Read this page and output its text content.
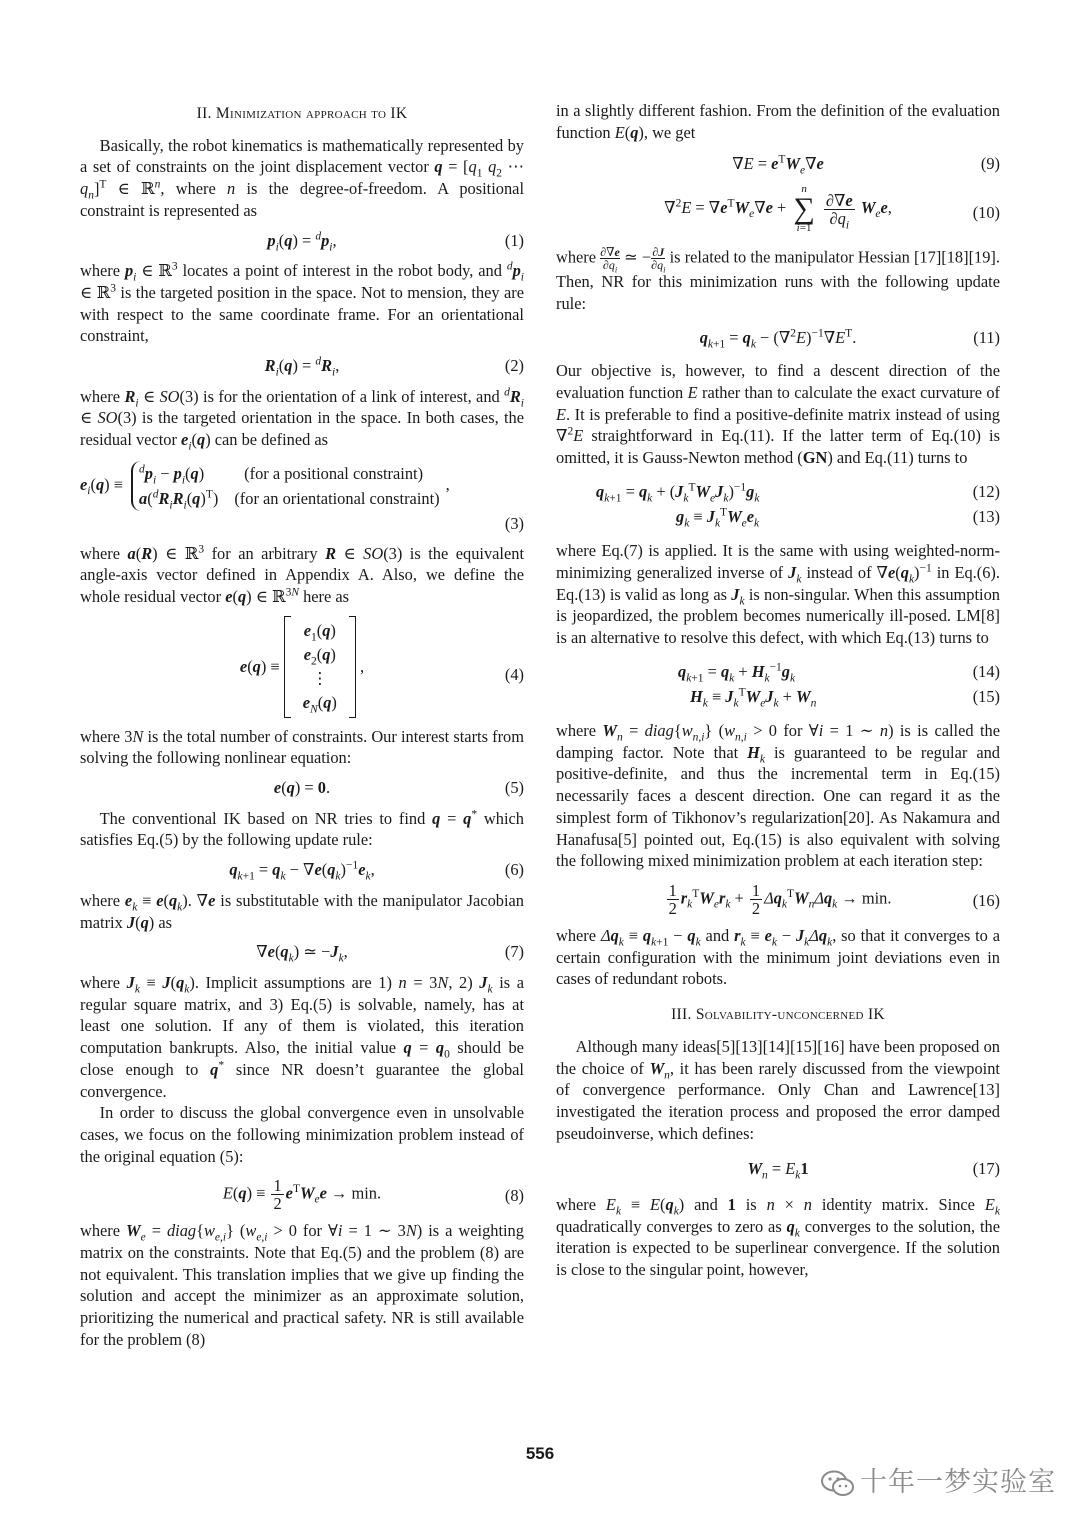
II. Minimization approach to IK

Basically, the robot kinematics is mathematically represented by a set of constraints on the joint displacement vector $q = [q_1$ $q_2$ ⋯ $q_n]^T$ ∈ ℝ$^n$, where n is the degree-of-freedom. A positional constraint is represented as

$p_i(q) = ^dp_i$,	(1)

where $p_i$ ∈ ℝ$^3$ locates a point of interest in the robot body, and $^dp_i$ ∈ ℝ$^3$ is the targeted position in the space. Not to mension, they are with respect to the same coordinate frame. For an orientational constraint,

$R_i(q) = ^dR_i$,	(2)

where $R_i$ ∈ SO(3) is for the orientation of a link of interest, and $^dR_i$ ∈ SO(3) is the targeted orientation in the space. In both cases, the residual vector $e_i(q)$ can be defined as

$e_i(q)$ ≡
$^dp_i - p_i(q)$ (for a positional constraint)
$a(^dR_iR_i(q)^T)$ (for an orientational constraint)
,
(3)

where a(R) ∈ ℝ$^3$ for an arbitrary R ∈ SO(3) is the equivalent angle-axis vector defined in Appendix A. Also, we define the whole residual vector e(q) ∈ ℝ$^{3N}$ here as

e(q) ≡
$e_1(q)$
$e_2(q)$
⋮
$e_N(q)$
,	(4)

where 3N is the total number of constraints. Our interest starts from solving the following nonlinear equation:

e(q) = 0.	(5)

The conventional IK based on NR tries to find q = q* which satisfies Eq.(5) by the following update rule:

$q_{k+1} = q_k - \nabla e(q_k)^{-1}e_k$,	(6)

where $e_k \equiv e(q_k)$. ∇e is substitutable with the manipulator Jacobian matrix J(q) as

$\nabla e(q_k)$ ≃ $-J_k$,	(7)

where $J_k \equiv J(q_k)$. Implicit assumptions are 1) n = 3N, 2) $J_k$ is a regular square matrix, and 3) Eq.(5) is solvable, namely, has at least one solution. If any of them is violated, this iteration computation bankrupts. Also, the initial value $q = q_0$ should be close enough to q* since NR doesn’t guarantee the global convergence.

In order to discuss the global convergence even in unsolvable cases, we focus on the following minimization problem instead of the original equation (5):

$E(q) \equiv \frac{1}{2} e^TW_ee \to \min$.	(8)

where $W_e$ = $diag\{w_{e,i}\} (w_{e,i} > 0$ for ∀i = 1 ∼ 3N) is a weighting matrix on the constraints. Note that Eq.(5) and the problem (8) are not equivalent. This translation implies that we give up finding the solution and accept the minimizer as an approximate solution, prioritizing the numerical and practical safety. NR is still available for the problem (8)

in a slightly different fashion. From the definition of the evaluation function E(q), we get

$\nabla E = e^TW_e\nabla e$	(9)
$\nabla^2E = \nabla e^TW_e\nabla e$ +
n
∑
i=1

$\frac{\partial\nabla e}{\partial q_i} W_ee$,	(10)

where $\frac{\partial\nabla e}{\partial q_i}$ ≃ − $\frac{\partial J}{\partial q_i}$ is related to the manipulator Hessian [17][18][19]. Then, NR for this minimization runs with the following update rule:

$q_{k+1} = q_k - (\nabla^2E)^{-1}\nabla E^T$.	(11)

Our objective is, however, to find a descent direction of the evaluation function E rather than to calculate the exact curvature of E. It is preferable to find a positive-definite matrix instead of using ∇$^2$E straightforward in Eq.(11). If the latter term of Eq.(10) is omitted, it is Gauss-Newton method (GN) and Eq.(11) turns to

$q_{k+1} = q_k + (J_k^TW_eJ_k)^{-1}g_k$	(12)
$g_k \equiv J_k^TW_ee_k$	(13)

where Eq.(7) is applied. It is the same with using weighted-norm-minimizing generalized inverse of $J_k$ instead of $\nabla e(q_k)^{-1}$ in Eq.(6). Eq.(13) is valid as long as $J_k$ is non-singular. When this assumption is jeopardized, the problem becomes numerically ill-posed. LM[8] is an alternative to resolve this defect, with which Eq.(13) turns to

$q_{k+1} = q_k + H_k^{-1}g_k$	(14)
$H_k \equiv J_k^TW_eJ_k + W_n$	(15)

where $W_n$ = $diag\{w_{n,i}\} (w_{n,i} > 0$ for ∀i = 1 ∼ n) is is called the damping factor. Note that $H_k$ is guaranteed to be regular and positive-definite, and thus the incremental term in Eq.(15) necessarily faces a descent direction. One can regard it as the simplest form of Tikhonov’s regularization[20]. As Nakamura and Hanafusa[5] pointed out, Eq.(15) is also equivalent with solving the following mixed minimization problem at each iteration step:

$\frac{1}{2} r_k^TW_er_k + \frac{1}{2} \Delta q_k^TW_n\Delta q_k \to \min$.	(16)

where $\Delta q_k \equiv q_{k+1} - q_k$ and $r_k \equiv e_k - J_k\Delta q_k$, so that it converges to a certain configuration with the minimum joint deviations even in cases of redundant robots.

III. Solvability-unconcerned IK

Although many ideas[5][13][14][15][16] have been proposed on the choice of $W_n$, it has been rarely discussed from the viewpoint of convergence performance. Only Chan and Lawrence[13] investigated the iteration process and proposed the error damped pseudoinverse, which defines:

$W_n = E_k1$	(17)

where $E_k \equiv E(q_k)$ and 1 is n × n identity matrix. Since $E_k$ quadratically converges to zero as $q_k$ converges to the solution, the iteration is expected to be superlinear convergence. If the solution is close to the singular point, however,

556
十年一梦实验室
